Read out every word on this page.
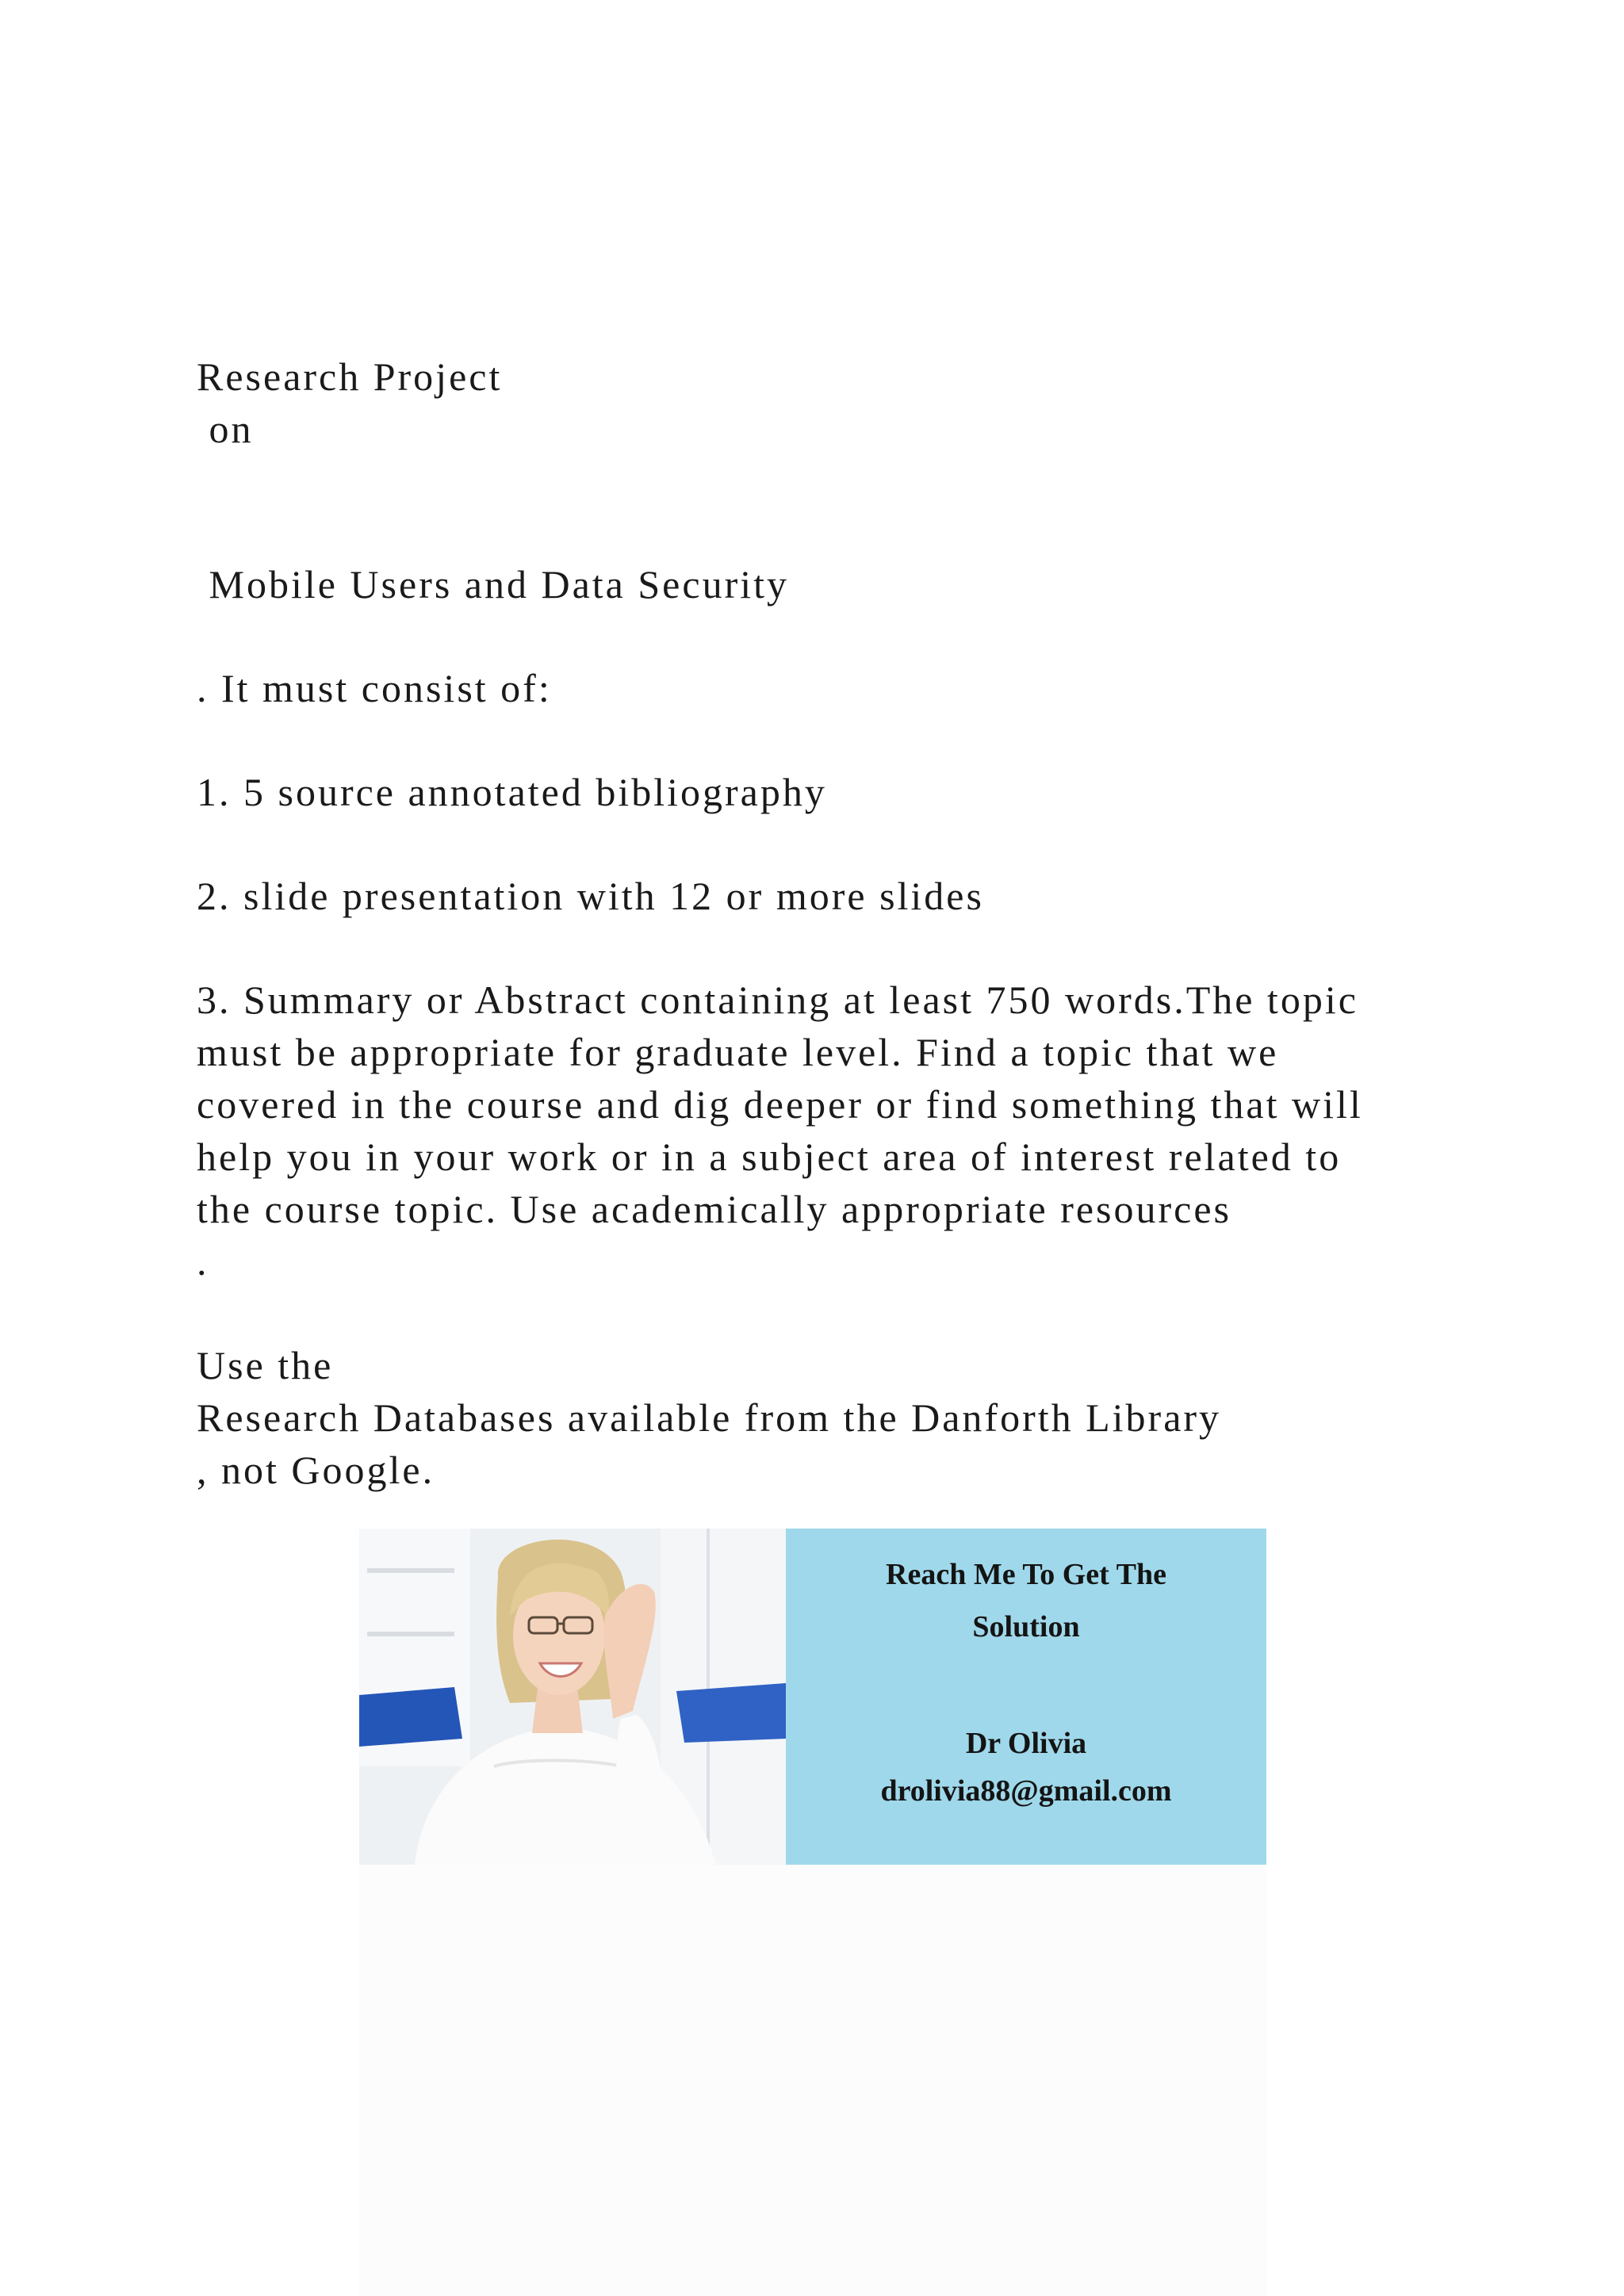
Research Project
on
Mobile Users and Data Security
. It must consist of:
1. 5 source annotated bibliography
2. slide presentation with 12 or more slides
3. Summary or Abstract containing at least 750 words.The topic
must be appropriate for graduate level. Find a topic that we
covered in the course and dig deeper or find something that will
help you in your work or in a subject area of interest related to
the course topic. Use academically appropriate resources
.
Use the
Research Databases available from the Danforth Library
, not Google.
Reach Me To Get The
Solution
Dr Olivia
drolivia88@gmail.com
